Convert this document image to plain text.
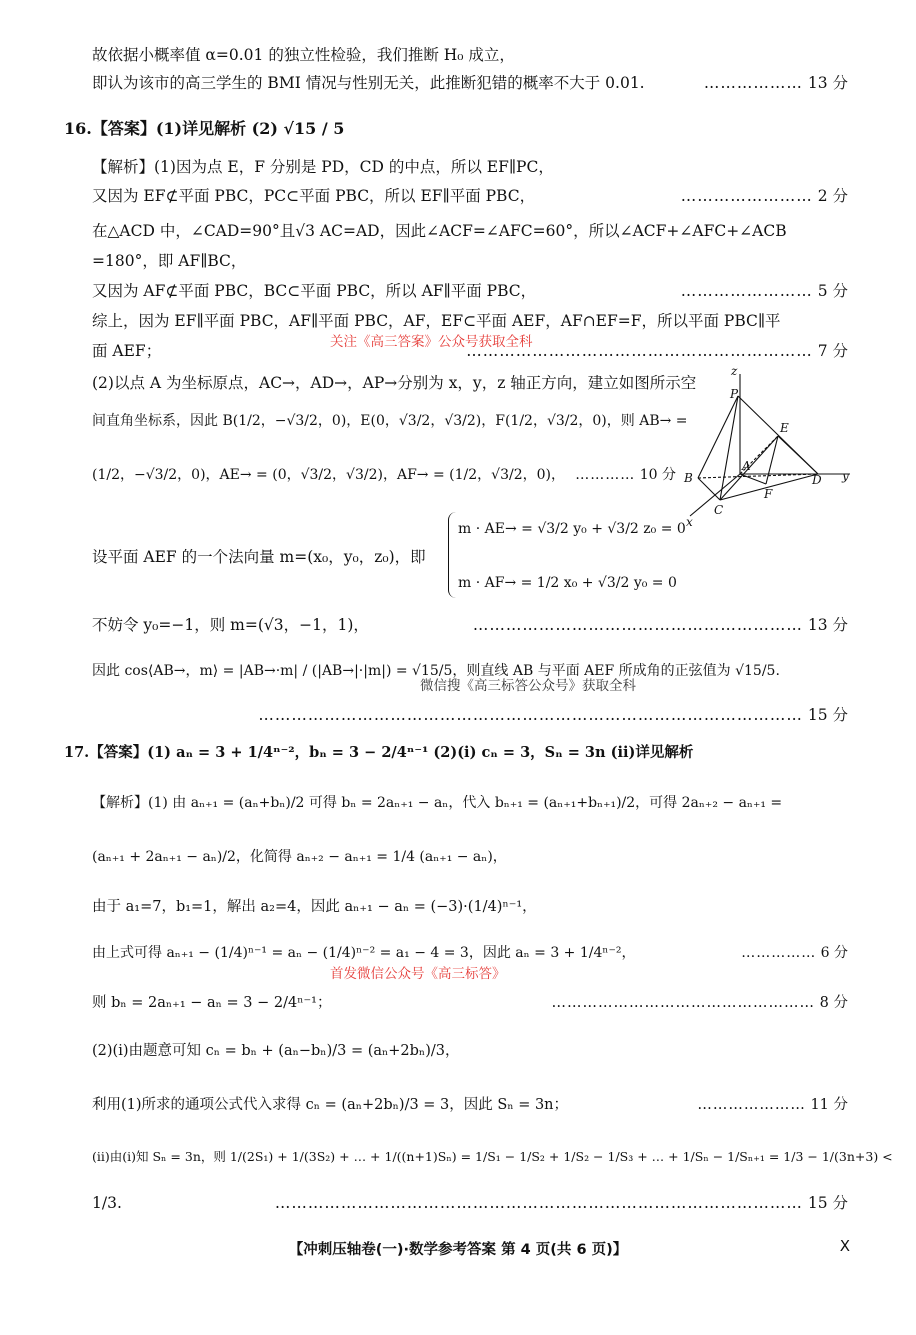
故依据小概率值 α=0.01 的独立性检验，我们推断 H₀ 成立，
即认为该市的高三学生的 BMI 情况与性别无关，此推断犯错的概率不大于 0.01.	……………… 13 分
16.【答案】(1)详见解析 (2) √15 / 5
【解析】(1)因为点 E，F 分别是 PD，CD 的中点，所以 EF∥PC，
又因为 EF⊄平面 PBC，PC⊂平面 PBC，所以 EF∥平面 PBC，	…………………… 2 分
在△ACD 中，∠CAD=90°且√3 AC=AD，因此∠ACF=∠AFC=60°，所以∠ACF+∠AFC+∠ACB
=180°，即 AF∥BC，
又因为 AF⊄平面 PBC，BC⊂平面 PBC，所以 AF∥平面 PBC，	…………………… 5 分
综上，因为 EF∥平面 PBC，AF∥平面 PBC，AF，EF⊂平面 AEF，AF∩EF=F，所以平面 PBC∥平
关注《高三答案》公众号获取全科
面 AEF；	……………………………………………………… 7 分
(2)以点 A 为坐标原点，AC→，AD→，AP→分别为 x，y，z 轴正方向，建立如图所示空
间直角坐标系，因此 B(1/2，−√3/2，0)，E(0，√3/2，√3/2)，F(1/2，√3/2，0)，则 AB→ =
(1/2，−√3/2，0)，AE→ = (0，√3/2，√3/2)，AF→ = (1/2，√3/2，0)， ………… 10 分
z
P
E
B
A
F
D
C
x
y
设平面 AEF 的一个法向量 m=(x₀，y₀，z₀)，即
m · AE→ = √3/2 y₀ + √3/2 z₀ = 0
m · AF→ = 1/2 x₀ + √3/2 y₀ = 0
不妨令 y₀=−1，则 m=(√3，−1，1)，	…………………………………………………… 13 分
因此 cos⟨AB→，m⟩ = |AB→·m| / (|AB→|·|m|) = √15/5，则直线 AB 与平面 AEF 所成角的正弦值为 √15/5.
微信搜《高三标答公众号》获取全科
……………………………………………………………………………………… 15 分
17.【答案】(1) aₙ = 3 + 1/4ⁿ⁻²，bₙ = 3 − 2/4ⁿ⁻¹ (2)(i) cₙ = 3，Sₙ = 3n (ii)详见解析
【解析】(1) 由 aₙ₊₁ = (aₙ+bₙ)/2 可得 bₙ = 2aₙ₊₁ − aₙ，代入 bₙ₊₁ = (aₙ₊₁+bₙ₊₁)/2，可得 2aₙ₊₂ − aₙ₊₁ =
(aₙ₊₁ + 2aₙ₊₁ − aₙ)/2，化简得 aₙ₊₂ − aₙ₊₁ = 1/4 (aₙ₊₁ − aₙ)，
由于 a₁=7，b₁=1，解出 a₂=4，因此 aₙ₊₁ − aₙ = (−3)·(1/4)ⁿ⁻¹，
由上式可得 aₙ₊₁ − (1/4)ⁿ⁻¹ = aₙ − (1/4)ⁿ⁻² = a₁ − 4 = 3，因此 aₙ = 3 + 1/4ⁿ⁻²，	…………… 6 分
首发微信公众号《高三标答》
则 bₙ = 2aₙ₊₁ − aₙ = 3 − 2/4ⁿ⁻¹；	…………………………………………… 8 分
(2)(i)由题意可知 cₙ = bₙ + (aₙ−bₙ)/3 = (aₙ+2bₙ)/3，
利用(1)所求的通项公式代入求得 cₙ = (aₙ+2bₙ)/3 = 3，因此 Sₙ = 3n；	………………… 11 分
(ii)由(i)知 Sₙ = 3n，则 1/(2S₁) + 1/(3S₂) + … + 1/((n+1)Sₙ) = 1/S₁ − 1/S₂ + 1/S₂ − 1/S₃ + … + 1/Sₙ − 1/Sₙ₊₁ = 1/3 − 1/(3n+3) <
1/3.	…………………………………………………………………………………… 15 分
【冲刺压轴卷(一)·数学参考答案 第 4 页(共 6 页)】	X
